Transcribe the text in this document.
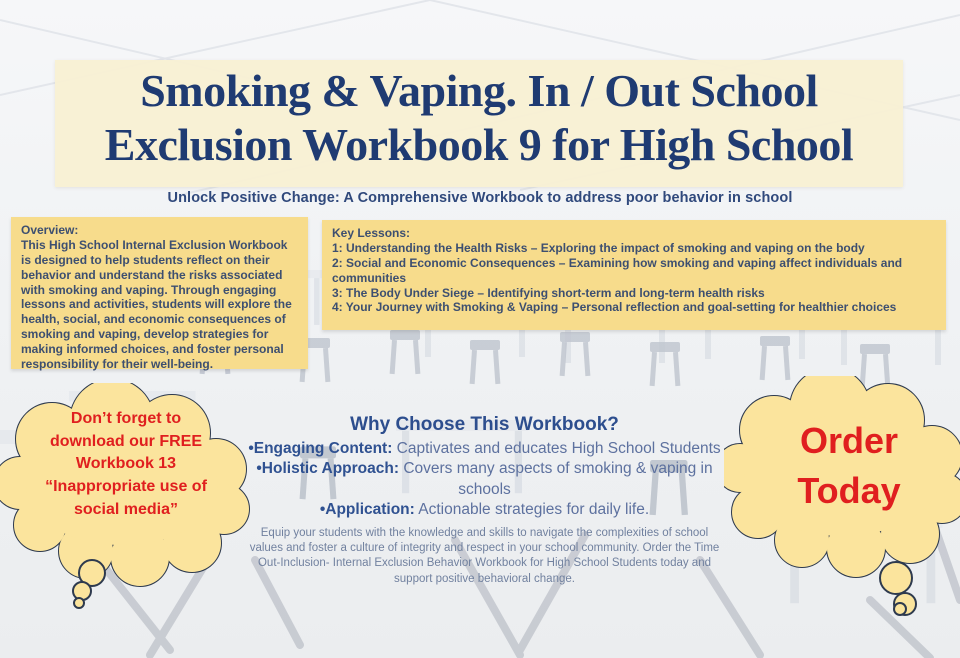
Smoking & Vaping. In / Out School
Exclusion Workbook 9 for High School
Unlock Positive Change: A Comprehensive Workbook to address poor behavior in school
Overview:
This High School Internal Exclusion Workbook is designed to help students reflect on their behavior and understand the risks associated with smoking and vaping. Through engaging lessons and activities, students will explore the health, social, and economic consequences of smoking and vaping, develop strategies for making informed choices, and foster personal responsibility for their well-being.
Key Lessons:
1: Understanding the Health Risks – Exploring the impact of smoking and vaping on the body
2: Social and Economic Consequences – Examining how smoking and vaping affect individuals and communities
3: The Body Under Siege – Identifying short-term and long-term health risks
4: Your Journey with Smoking & Vaping – Personal reflection and goal-setting for healthier choices
Don’t forget to download our FREE Workbook 13 “Inappropriate use of social media”
Why Choose This Workbook?
•Engaging Content: Captivates and educates High School Students
•Holistic Approach: Covers many aspects of smoking & vaping in schools
•Application: Actionable strategies for daily life.
Equip your students with the knowledge and skills to navigate the complexities of school values and foster a culture of integrity and respect in your school community. Order the Time Out-Inclusion- Internal Exclusion Behavior Workbook for High School Students today and support positive behavioral change.
Order
Today
